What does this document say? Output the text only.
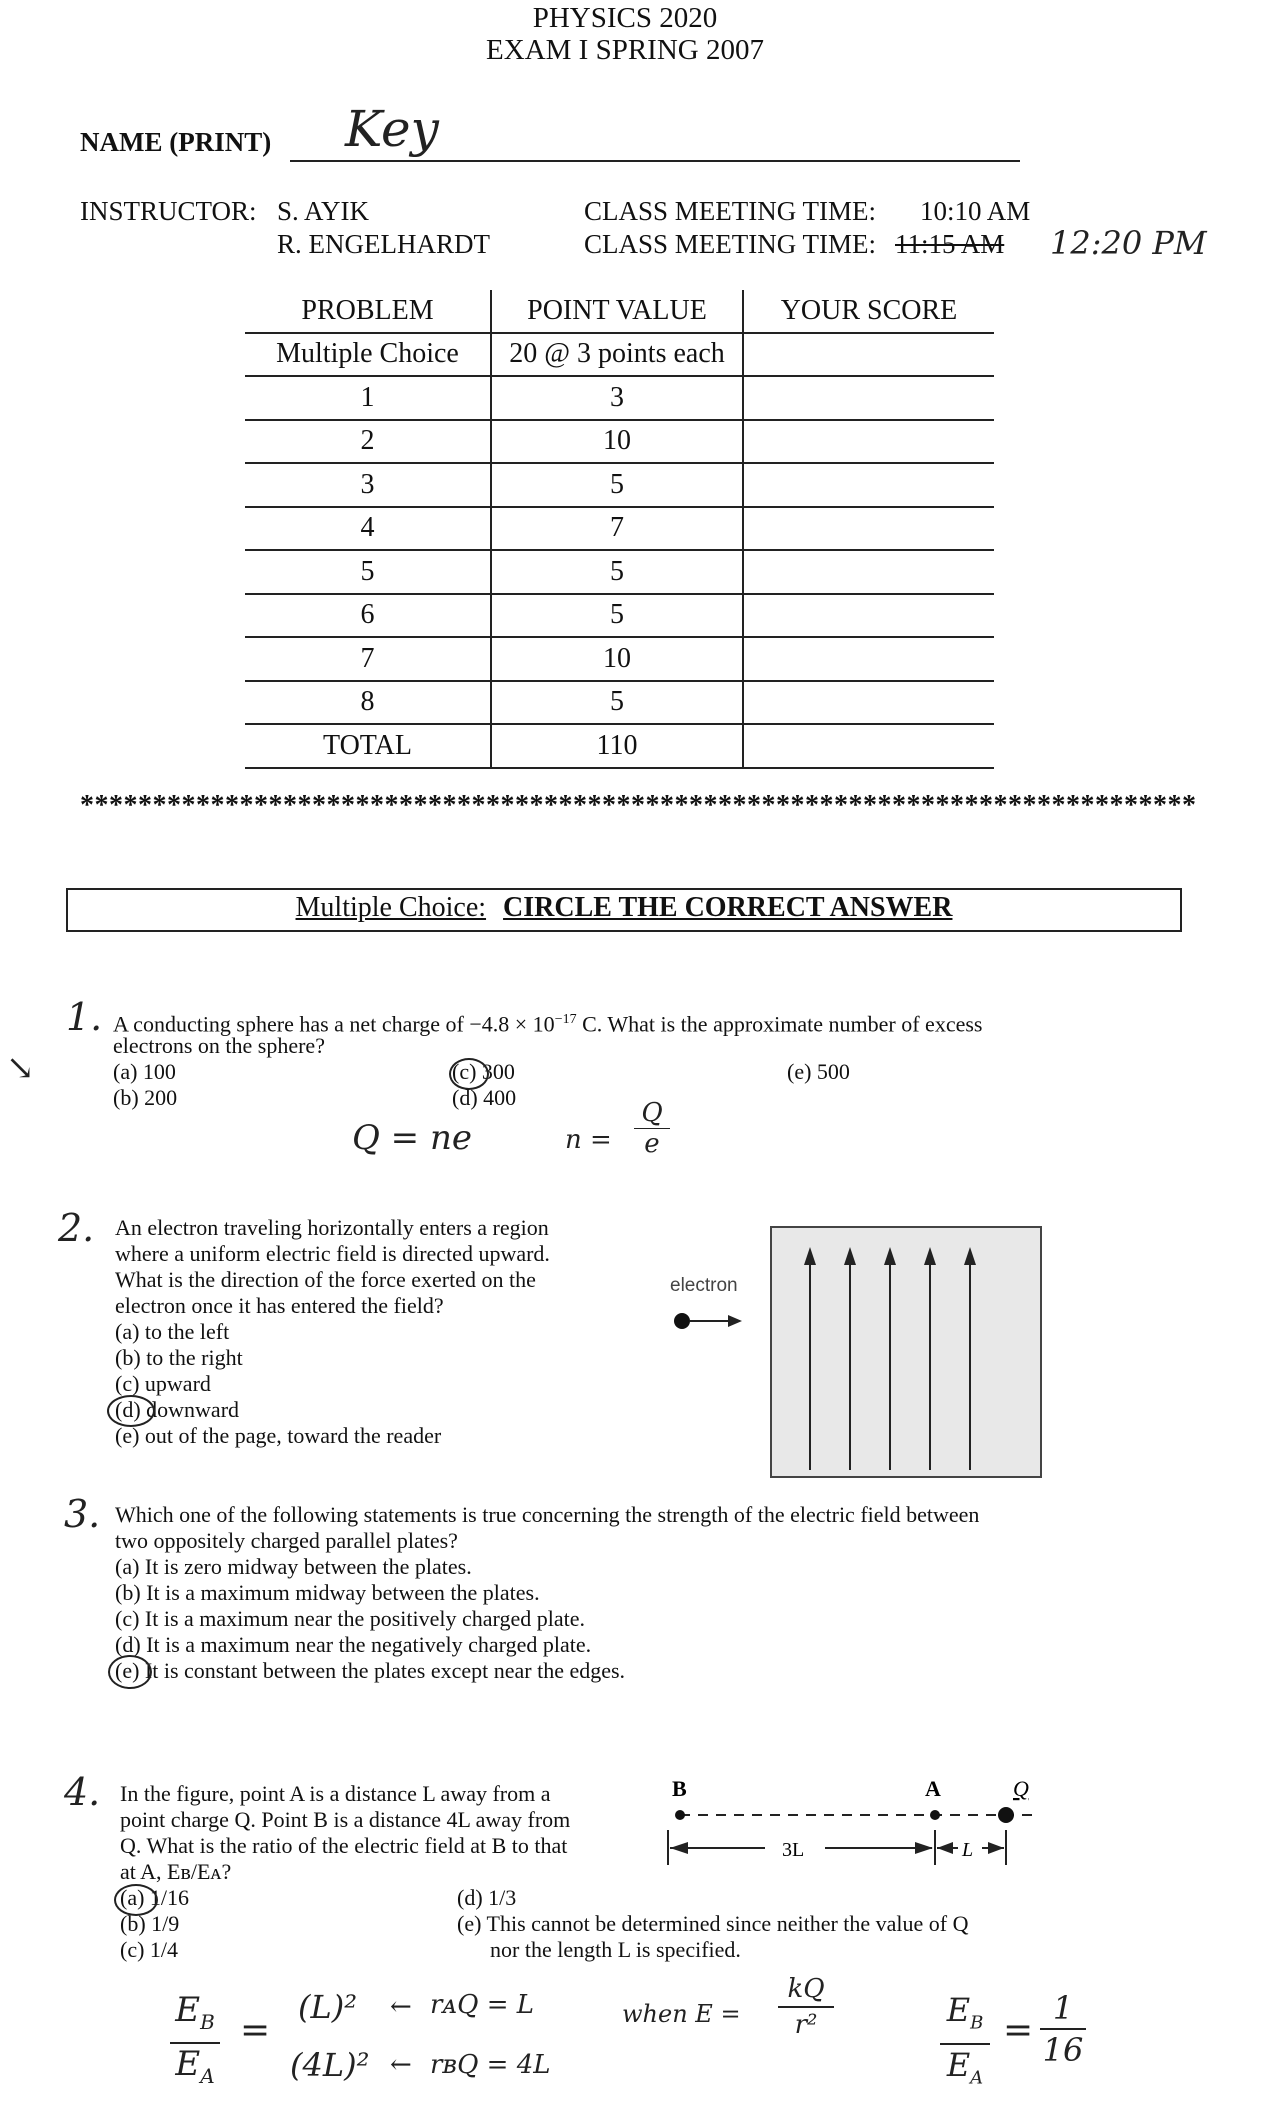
PHYSICS 2020
EXAM I SPRING 2007
NAME (PRINT) Key
INSTRUCTOR: S. AYIK
R. ENGELHARDT
CLASS MEETING TIME: 10:10 AM
CLASS MEETING TIME: 11:15 AM 12:20 PM
PROBLEM	POINT VALUE	YOUR SCORE
Multiple Choice	20 @ 3 points each	
1	3	
2	10	
3	5	
4	7	
5	5	
6	5	
7	10	
8	5	
TOTAL	110	
*****************************************************************************
Multiple Choice: CIRCLE THE CORRECT ANSWER
1. A conducting sphere has a net charge of $-4.8 \times 10^{-17}$ C. What is the approximate number of excess
electrons on the sphere?
(a) 100
(b) 200
(c) 300
(d) 400
(e) 500
↘
Q = ne	$n = \frac{Q}{e}$
2. An electron traveling horizontally enters a region
where a uniform electric field is directed upward.
What is the direction of the force exerted on the
electron once it has entered the field?
(a) to the left
(b) to the right
(c) upward
(d) downward
(e) out of the page, toward the reader
electron
3. Which one of the following statements is true concerning the strength of the electric field between
two oppositely charged parallel plates?
(a) It is zero midway between the plates.
(b) It is a maximum midway between the plates.
(c) It is a maximum near the positively charged plate.
(d) It is a maximum near the negatively charged plate.
(e) It is constant between the plates except near the edges.
4. In the figure, point A is a distance L away from a
point charge Q. Point B is a distance 4L away from
Q. What is the ratio of the electric field at B to that
at A, Eʙ/Eᴀ?
(a) 1/16
(b) 1/9
(c) 1/4
(d) 1/3
(e) This cannot be determined since neither the value of Q
nor the length L is specified.
B	A	Q
3L	L
$\frac{E_B}{E_A}$ =
(L)²
(4L)²
← rᴀQ = L
← rʙQ = 4L
when $E = \frac{kQ}{\text{r²}}$	$\frac{E_B}{E_A} = \frac{1}{16}$
